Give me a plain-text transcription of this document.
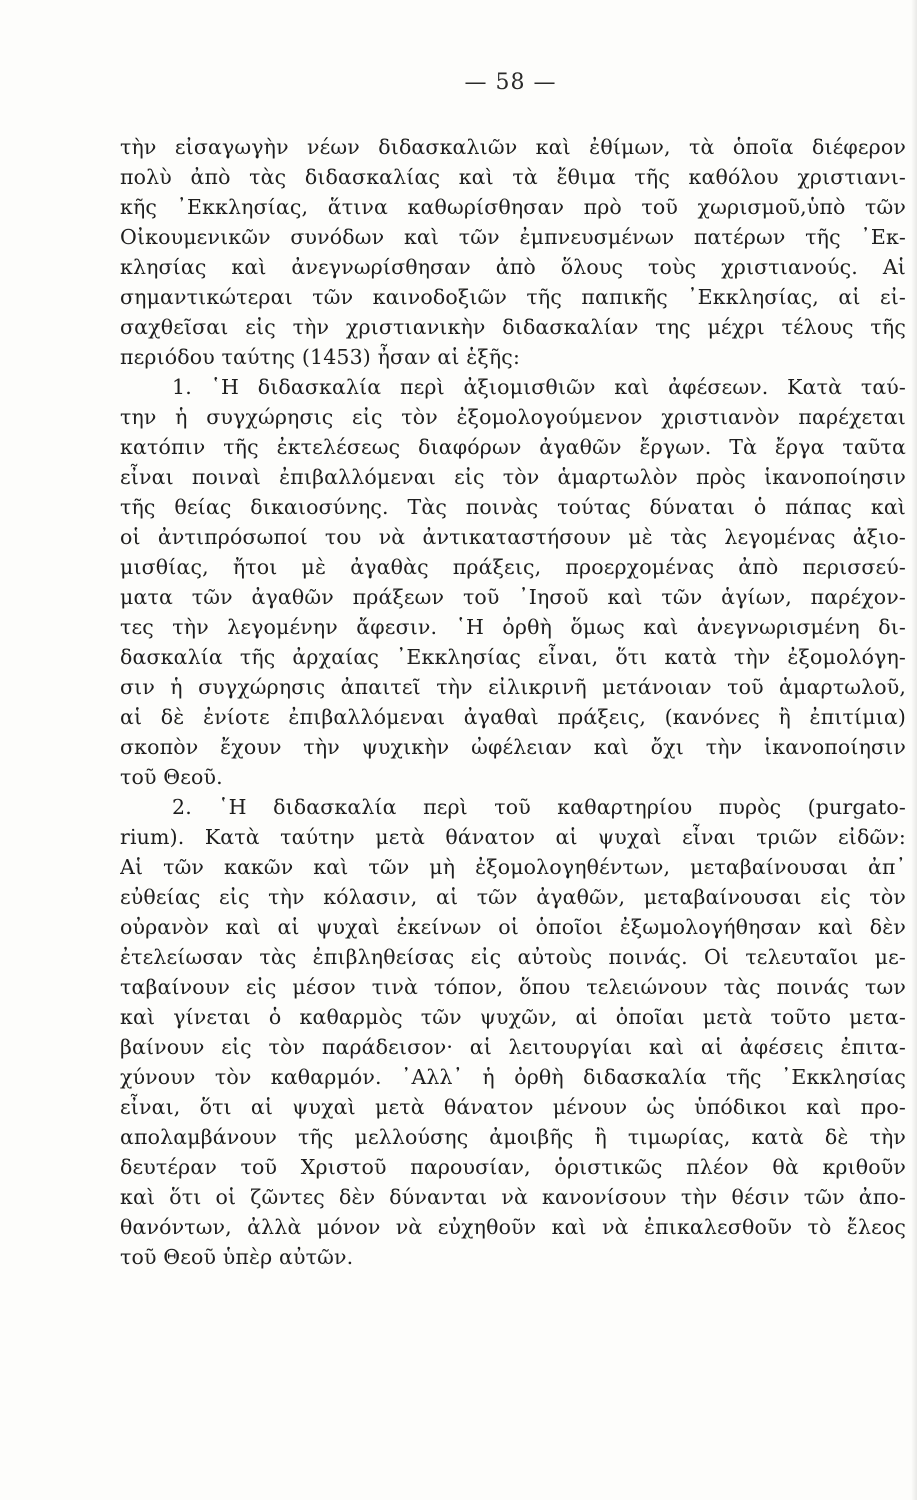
— 58 —
τὴν εἰσαγωγὴν νέων διδασκαλιῶν καὶ ἐθίμων, τὰ ὁποῖα διέφερον
πολὺ ἀπὸ τὰς διδασκαλίας καὶ τὰ ἔθιμα τῆς καθόλου χριστιανι-
κῆς ᾿Εκκλησίας, ἅτινα καθωρίσθησαν πρὸ τοῦ χωρισμοῦ,ὑπὸ τῶν
Οἰκουμενικῶν συνόδων καὶ τῶν ἐμπνευσμένων πατέρων τῆς ᾿Εκ-
κλησίας καὶ ἀνεγνωρίσθησαν ἀπὸ ὅλους τοὺς χριστιανούς. Αἱ
σημαντικώτεραι τῶν καινοδοξιῶν τῆς παπικῆς ᾿Εκκλησίας, αἱ εἰ-
σαχθεῖσαι εἰς τὴν χριστιανικὴν διδασκαλίαν της μέχρι τέλους τῆς
περιόδου ταύτης (1453) ἦσαν αἱ ἑξῆς:
1. ῾Η διδασκαλία περὶ ἀξιομισθιῶν καὶ ἀφέσεων. Κατὰ ταύ-
την ἡ συγχώρησις εἰς τὸν ἐξομολογούμενον χριστιανὸν παρέχεται
κατόπιν τῆς ἐκτελέσεως διαφόρων ἀγαθῶν ἔργων. Τὰ ἔργα ταῦτα
εἶναι ποιναὶ ἐπιβαλλόμεναι εἰς τὸν ἁμαρτωλὸν πρὸς ἱκανοποίησιν
τῆς θείας δικαιοσύνης. Τὰς ποινὰς τούτας δύναται ὁ πάπας καὶ
οἱ ἀντιπρόσωποί του νὰ ἀντικαταστήσουν μὲ τὰς λεγομένας ἀξιο-
μισθίας, ἤτοι μὲ ἀγαθὰς πράξεις, προερχομένας ἀπὸ περισσεύ-
ματα τῶν ἀγαθῶν πράξεων τοῦ ᾿Ιησοῦ καὶ τῶν ἁγίων, παρέχον-
τες τὴν λεγομένην ἄφεσιν. ῾Η ὀρθὴ ὅμως καὶ ἀνεγνωρισμένη δι-
δασκαλία τῆς ἀρχαίας ᾿Εκκλησίας εἶναι, ὅτι κατὰ τὴν ἐξομολόγη-
σιν ἡ συγχώρησις ἀπαιτεῖ τὴν εἰλικρινῆ μετάνοιαν τοῦ ἁμαρτωλοῦ,
αἱ δὲ ἐνίοτε ἐπιβαλλόμεναι ἀγαθαὶ πράξεις, (κανόνες ἢ ἐπιτίμια)
σκοπὸν ἔχουν τὴν ψυχικὴν ὠφέλειαν καὶ ὄχι τὴν ἱκανοποίησιν
τοῦ Θεοῦ.
2. ῾Η διδασκαλία περὶ τοῦ καθαρτηρίου πυρὸς (purgato-
rium). Κατὰ ταύτην μετὰ θάνατον αἱ ψυχαὶ εἶναι τριῶν εἰδῶν:
Αἱ τῶν κακῶν καὶ τῶν μὴ ἐξομολογηθέντων, μεταβαίνουσαι ἀπ᾿
εὐθείας εἰς τὴν κόλασιν, αἱ τῶν ἀγαθῶν, μεταβαίνουσαι εἰς τὸν
οὐρανὸν καὶ αἱ ψυχαὶ ἐκείνων οἱ ὁποῖοι ἐξωμολογήθησαν καὶ δὲν
ἐτελείωσαν τὰς ἐπιβληθείσας εἰς αὐτοὺς ποινάς. Οἱ τελευταῖοι με-
ταβαίνουν εἰς μέσον τινὰ τόπον, ὅπου τελειώνουν τὰς ποινάς των
καὶ γίνεται ὁ καθαρμὸς τῶν ψυχῶν, αἱ ὁποῖαι μετὰ τοῦτο μετα-
βαίνουν εἰς τὸν παράδεισον· αἱ λειτουργίαι καὶ αἱ ἀφέσεις ἐπιτα-
χύνουν τὸν καθαρμόν. ᾿Αλλ᾿ ἡ ὀρθὴ διδασκαλία τῆς ᾿Εκκλησίας
εἶναι, ὅτι αἱ ψυχαὶ μετὰ θάνατον μένουν ὡς ὑπόδικοι καὶ προ-
απολαμβάνουν τῆς μελλούσης ἀμοιβῆς ἢ τιμωρίας, κατὰ δὲ τὴν
δευτέραν τοῦ Χριστοῦ παρουσίαν, ὁριστικῶς πλέον θὰ κριθοῦν
καὶ ὅτι οἱ ζῶντες δὲν δύνανται νὰ κανονίσουν τὴν θέσιν τῶν ἀπο-
θανόντων, ἀλλὰ μόνον νὰ εὐχηθοῦν καὶ νὰ ἐπικαλεσθοῦν τὸ ἔλεος
τοῦ Θεοῦ ὑπὲρ αὐτῶν.
